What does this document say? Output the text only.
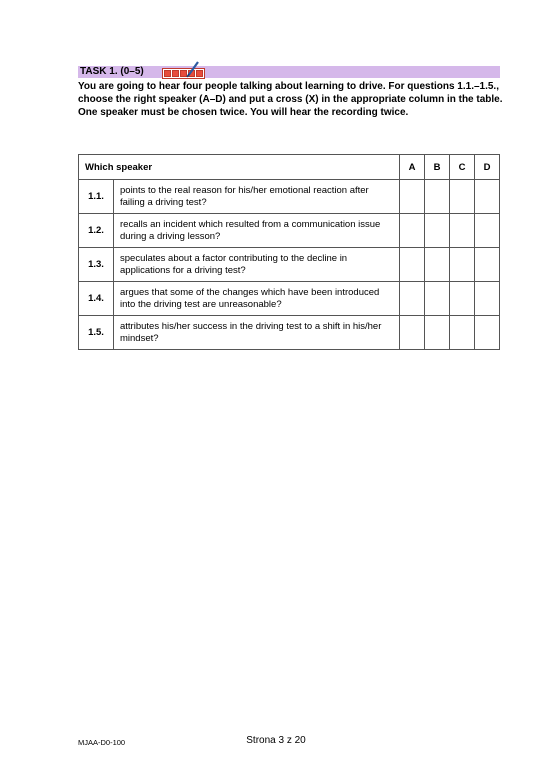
TASK 1. (0–5)
You are going to hear four people talking about learning to drive. For questions 1.1.–1.5., choose the right speaker (A–D) and put a cross (X) in the appropriate column in the table. One speaker must be chosen twice. You will hear the recording twice.
Which speaker		A	B	C	D
1.1.	points to the real reason for his/her emotional reaction after failing a driving test?				
1.2.	recalls an incident which resulted from a communication issue during a driving lesson?				
1.3.	speculates about a factor contributing to the decline in applications for a driving test?				
1.4.	argues that some of the changes which have been introduced into the driving test are unreasonable?				
1.5.	attributes his/her success in the driving test to a shift in his/her mindset?				
MJAA-D0-100	Strona 3 z 20
